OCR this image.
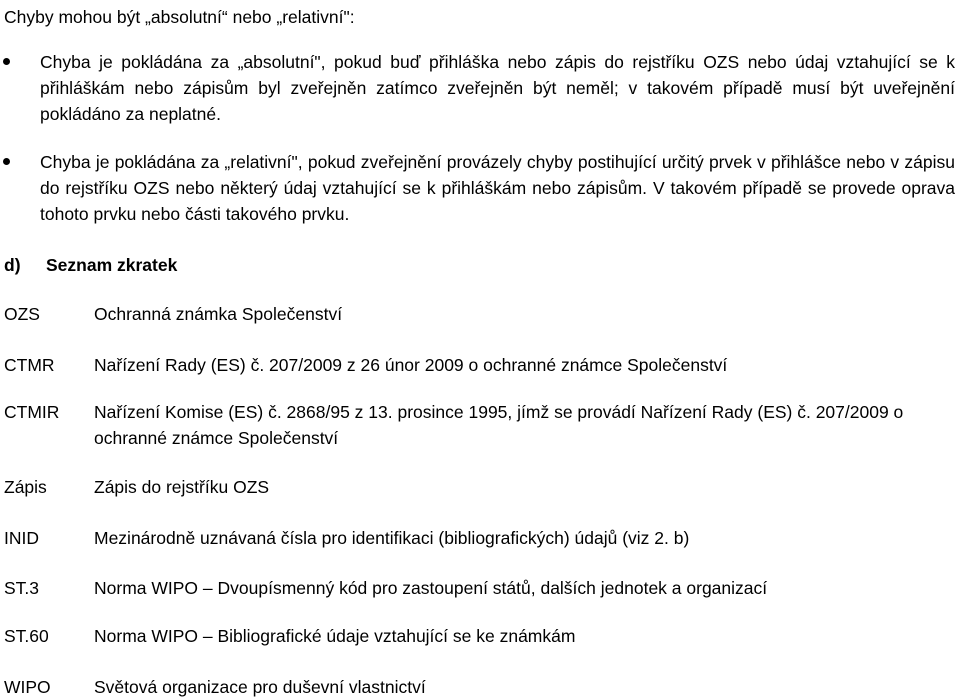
Chyby mohou být „absolutní“ nebo „relativní":
Chyba je pokládána za „absolutní", pokud buď přihláška nebo zápis do rejstříku OZS nebo údaj vztahující se k přihláškám nebo zápisům byl zveřejněn zatímco zveřejněn být neměl; v takovém případě musí být uveřejnění pokládáno za neplatné.
Chyba je pokládána za „relativní", pokud zveřejnění provázely chyby postihující určitý prvek v přihlášce nebo v zápisu do rejstříku OZS nebo některý údaj vztahující se k přihláškám nebo zápisům. V takovém případě se provede oprava tohoto prvku nebo části takového prvku.
d) Seznam zkratek
OZS	Ochranná známka Společenství
CTMR Nařízení Rady (ES) č. 207/2009 z 26 únor 2009 o ochranné známce Společenství
CTMIR Nařízení Komise (ES) č. 2868/95 z 13. prosince 1995, jímž se provádí Nařízení Rady (ES) č. 207/2009 o ochranné známce Společenství
Zápis	Zápis do rejstříku OZS
INID	Mezinárodně uznávaná čísla pro identifikaci (bibliografických) údajů (viz 2. b)
ST.3	Norma WIPO – Dvoupísmenný kód pro zastoupení států, dalších jednotek a organizací
ST.60	Norma WIPO – Bibliografické údaje vztahující se ke známkám
WIPO Světová organizace pro duševní vlastnictví
